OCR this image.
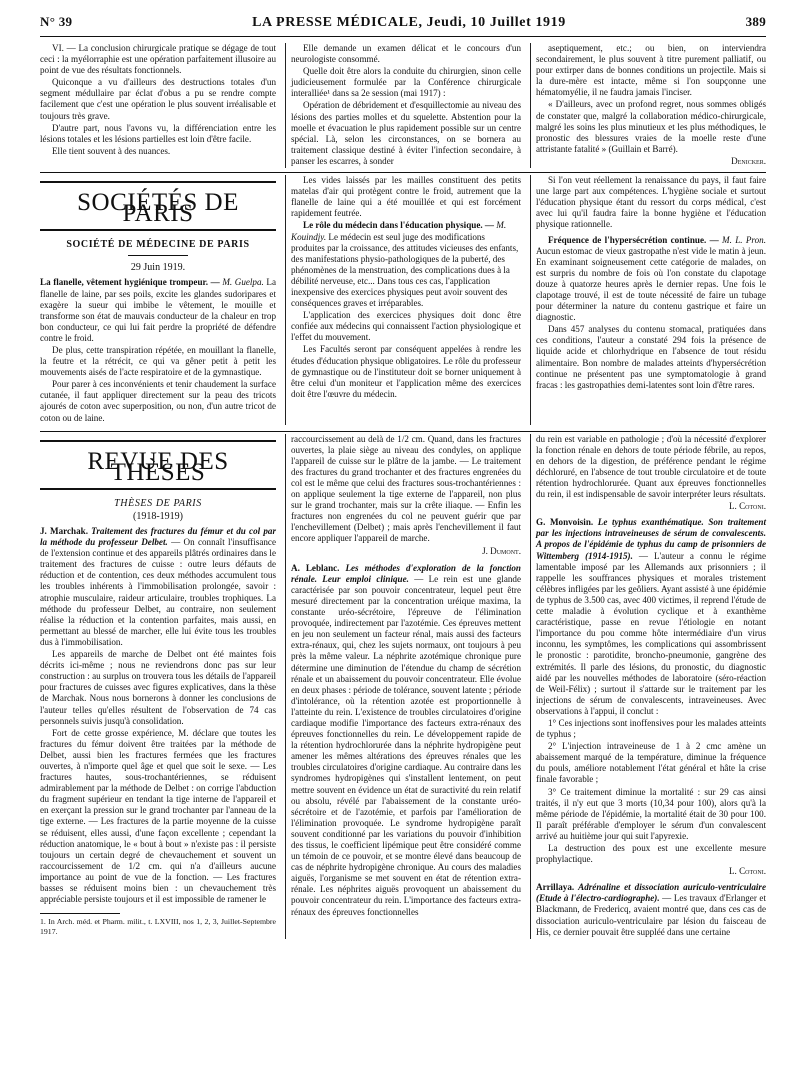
N° 39	LA PRESSE MÉDICALE, Jeudi, 10 Juillet 1919	389

VI. — La conclusion chirurgicale pratique se dégage de tout ceci : la myélorraphie est une opération parfaitement illusoire au point de vue des résultats fonctionnels.

Quiconque a vu d'ailleurs des destructions totales d'un segment médullaire par éclat d'obus a pu se rendre compte facilement que c'est une opération le plus souvent irréalisable et toujours très grave.

D'autre part, nous l'avons vu, la différenciation entre les lésions totales et les lésions partielles est loin d'être facile.

Elle tient souvent à des nuances.

Elle demande un examen délicat et le concours d'un neurologiste consommé.

Quelle doit être alors la conduite du chirurgien, sinon celle judicieusement formulée par la Conférence chirurgicale interalliée¹ dans sa 2e session (mai 1917) :

Opération de débridement et d'esquillectomie au niveau des lésions des parties molles et du squelette. Abstention pour la moelle et évacuation le plus rapidement possible sur un centre spécial. Là, selon les circonstances, on se bornera au traitement classique destiné à éviter l'infection secondaire, à panser les escarres, à sonder

aseptiquement, etc.; ou bien, on interviendra secondairement, le plus souvent à titre purement palliatif, ou pour extirper dans de bonnes conditions un projectile. Mais si la dure-mère est intacte, même si l'on soupçonne une hématomyélie, il ne faudra jamais l'inciser.

« D'ailleurs, avec un profond regret, nous sommes obligés de constater que, malgré la collaboration médico-chirurgicale, malgré les soins les plus minutieux et les plus méthodiques, le pronostic des blessures vraies de la moelle reste d'une attristante fatalité » (Guillain et Barré).

Denicker.

SOCIÉTÉS DE PARIS
SOCIÉTÉ DE MÉDECINE DE PARIS
29 Juin 1919.

La flanelle, vêtement hygiénique trompeur. — M. Guelpa. La flanelle de laine, par ses poils, excite les glandes sudoripares et exagère la sueur qui imbibe le vêtement, le mouille et transforme son état de mauvais conducteur de la chaleur en trop bon conducteur, ce qui lui fait perdre la propriété de défendre contre le froid.

De plus, cette transpiration répétée, en mouillant la flanelle, la feutre et la rétrécit, ce qui va gêner petit à petit les mouvements aisés de l'acte respiratoire et de la gymnastique.

Pour parer à ces inconvénients et tenir chaudement la surface cutanée, il faut appliquer directement sur la peau des tricots ajourés de coton avec superposition, ou non, d'un autre tricot de coton ou de laine.

Les vides laissés par les mailles constituent des petits matelas d'air qui protègent contre le froid, autrement que la flanelle de laine qui a été mouillée et qui est forcément rapidement feutrée.

Le rôle du médecin dans l'éducation physique. — M. Kouindjy. Le médecin est seul juge des modifications produites par la croissance, des attitudes vicieuses des enfants, des manifestations physio-pathologiques de la puberté, des phénomènes de la menstruation, des complications dues à la débilité nerveuse, etc... Dans tous ces cas, l'application inexpensive des exercices physiques peut avoir souvent des conséquences graves et irréparables.

L'application des exercices physiques doit donc être confiée aux médecins qui connaissent l'action physiologique et l'effet du mouvement.

Les Facultés seront par conséquent appelées à rendre les études d'éducation physique obligatoires. Le rôle du professeur de gymnastique ou de l'instituteur doit se borner uniquement à être celui d'un moniteur et l'application même des exercices doit être l'œuvre du médecin.

Si l'on veut réellement la renaissance du pays, il faut faire une large part aux compétences. L'hygiène sociale et surtout l'éducation physique étant du ressort du corps médical, c'est avec lui qu'il faudra faire la bonne hygiène et l'éducation physique rationnelle.

Fréquence de l'hypersécrétion continue. — M. L. Pron. Aucun estomac de vieux gastropathe n'est vide le matin à jeun. En examinant soigneusement cette catégorie de malades, on est surpris du nombre de fois où l'on constate du clapotage douze à quatorze heures après le dernier repas. Une fois le clapotage trouvé, il est de toute nécessité de faire un tubage pour déterminer la nature du contenu gastrique et faire un diagnostic.

Dans 457 analyses du contenu stomacal, pratiquées dans ces conditions, l'auteur a constaté 294 fois la présence de liquide acide et chlorhydrique en l'absence de tout résidu alimentaire. Bon nombre de malades atteints d'hypersécrétion continue ne présentent pas une symptomatologie à grand fracas : les gastropathies demi-latentes sont loin d'être rares.

REVUE DES THÈSES
THÈSES DE PARIS
(1918-1919)

J. Marchak. Traitement des fractures du fémur et du col par la méthode du professeur Delbet. — On connaît l'insuffisance de l'extension continue et des appareils plâtrés ordinaires dans le traitement des fractures de cuisse : outre leurs défauts de réduction et de contention, ces deux méthodes accumulent tous les troubles inhérents à l'immobilisation prolongée, savoir : atrophie musculaire, raideur articulaire, troubles trophiques. La méthode du professeur Delbet, au contraire, non seulement réalise la réduction et la contention parfaites, mais aussi, en permettant au blessé de marcher, elle lui évite tous les troubles dus à l'immobilisation.

Les appareils de marche de Delbet ont été maintes fois décrits ici-même ; nous ne reviendrons donc pas sur leur construction : au surplus on trouvera tous les détails de l'appareil pour fractures de cuisses avec figures explicatives, dans la thèse de Marchak. Nous nous bornerons à donner les conclusions de l'auteur telles qu'elles résultent de l'observation de 74 cas personnels suivis jusqu'à consolidation.

Fort de cette grosse expérience, M. déclare que toutes les fractures du fémur doivent être traitées par la méthode de Delbet, aussi bien les fractures fermées que les fractures ouvertes, à n'importe quel âge et quel que soit le sexe. — Les fractures hautes, sous-trochantériennes, se réduisent admirablement par la méthode de Delbet : on corrige l'abduction du fragment supérieur en tendant la tige interne de l'appareil et en exerçant la pression sur le grand trochanter par l'anneau de la tige externe. — Les fractures de la partie moyenne de la cuisse se réduisent, elles aussi, d'une façon excellente ; cependant la réduction anatomique, le « bout à bout » n'existe pas : il persiste toujours un certain degré de chevauchement et souvent un raccourcissement de 1/2 cm. qui n'a d'ailleurs aucune importance au point de vue de la fonction. — Les fractures basses se réduisent moins bien : un chevauchement très appréciable persiste toujours et il est impossible de ramener le

1. In Arch. méd. et Pharm. milit., t. LXVIII, nos 1, 2, 3, Juillet-Septembre 1917.

raccourcissement au delà de 1/2 cm. Quand, dans les fractures ouvertes, la plaie siège au niveau des condyles, on applique l'appareil de cuisse sur le plâtre de la jambe. — Le traitement des fractures du grand trochanter et des fractures engrenées du col est le même que celui des fractures sous-trochantériennes : on applique seulement la tige externe de l'appareil, non plus sur le grand trochanter, mais sur la crête iliaque. — Enfin les fractures non engrenées du col ne peuvent guérir que par l'enchevillement (Delbet) ; mais après l'enchevillement il faut encore appliquer l'appareil de marche.

J. Dumont.

A. Leblanc. Les méthodes d'exploration de la fonction rénale. Leur emploi clinique. — Le rein est une glande caractérisée par son pouvoir concentrateur, lequel peut être mesuré directement par la concentration uréique maxima, la constante uréo-sécrétoire, l'épreuve de l'élimination provoquée, indirectement par l'azotémie. Ces épreuves mettent en jeu non seulement un facteur rénal, mais aussi des facteurs extra-rénaux, qui, chez les sujets normaux, ont toujours à peu près la même valeur. La néphrite azotémique chronique pure détermine une diminution de l'étendue du champ de sécrétion rénale et un abaissement du pouvoir concentrateur. Elle évolue en deux phases : période de tolérance, souvent latente ; période d'intolérance, où la rétention azotée est proportionnelle à l'atteinte du rein. L'existence de troubles circulatoires d'origine cardiaque modifie l'importance des facteurs extra-rénaux des épreuves fonctionnelles du rein. Le développement rapide de la rétention hydrochlorurée dans la néphrite hydropigène peut amener les mêmes altérations des épreuves rénales que les troubles circulatoires d'origine cardiaque. Au contraire dans les syndromes hydropigènes qui s'installent lentement, on peut mettre souvent en évidence un état de suractivité du rein relatif ou absolu, révélé par l'abaissement de la constante uréo-sécrétoire et de l'azotémie, et parfois par l'amélioration de l'élimination provoquée. Le syndrome hydropigène paraît souvent conditionné par les variations du pouvoir d'inhibition des tissus, le coefficient lipémique peut être considéré comme un témoin de ce pouvoir, et se montre élevé dans beaucoup de cas de néphrite hydropigène chronique. Au cours des maladies aiguës, l'organisme se met souvent en état de rétention extra-rénale. Les néphrites aiguës provoquent un abaissement du pouvoir concentrateur du rein. L'importance des facteurs extra-rénaux des épreuves fonctionnelles

du rein est variable en pathologie ; d'où la nécessité d'explorer la fonction rénale en dehors de toute période fébrile, au repos, en dehors de la digestion, de préférence pendant le régime déchloruré, en l'absence de tout trouble circulatoire et de toute rétention hydrochlorurée. Quant aux épreuves fonctionnelles du rein, il est indispensable de savoir interpréter leurs résultats.

L. Cotoni.

G. Monvoisin. Le typhus exanthématique. Son traitement par les injections intraveineuses de sérum de convalescents. A propos de l'épidémie de typhus du camp de prisonniers de Wittemberg (1914-1915). — L'auteur a connu le régime lamentable imposé par les Allemands aux prisonniers ; il rappelle les souffrances physiques et morales tristement célèbres infligées par les geôliers. Ayant assisté à une épidémie de typhus de 3.500 cas, avec 400 victimes, il reprend l'étude de cette maladie à évolution cyclique et à exanthème caractéristique, passe en revue l'étiologie en notant l'importance du pou comme hôte intermédiaire d'un virus inconnu, les symptômes, les complications qui assombrissent le pronostic : parotidite, broncho-pneumonie, gangrène des extrémités. Il parle des lésions, du pronostic, du diagnostic aidé par les nouvelles méthodes de laboratoire (séro-réaction de Weil-Félix) ; surtout il s'attarde sur le traitement par les injections de sérum de convalescents, intraveineuses. Avec observations à l'appui, il conclut :

1° Ces injections sont inoffensives pour les malades atteints de typhus ;

2° L'injection intraveineuse de 1 à 2 cmc amène un abaissement marqué de la température, diminue la fréquence du pouls, améliore notablement l'état général et hâte la crise finale favorable ;

3° Ce traitement diminue la mortalité : sur 29 cas ainsi traités, il n'y eut que 3 morts (10,34 pour 100), alors qu'à la même période de l'épidémie, la mortalité était de 30 pour 100. Il paraît préférable d'employer le sérum d'un convalescent arrivé au huitième jour qui suit l'apyrexie.

La destruction des poux est une excellente mesure prophylactique.

L. Cotoni.

Arrillaya. Adrénaline et dissociation auriculo-ventriculaire (Etude à l'électro-cardiographe). — Les travaux d'Erlanger et Blackmann, de Fredericq, avaient montré que, dans ces cas de dissociation auriculo-ventriculaire par lésion du faisceau de His, ce dernier pouvait être suppléé dans une certaine
